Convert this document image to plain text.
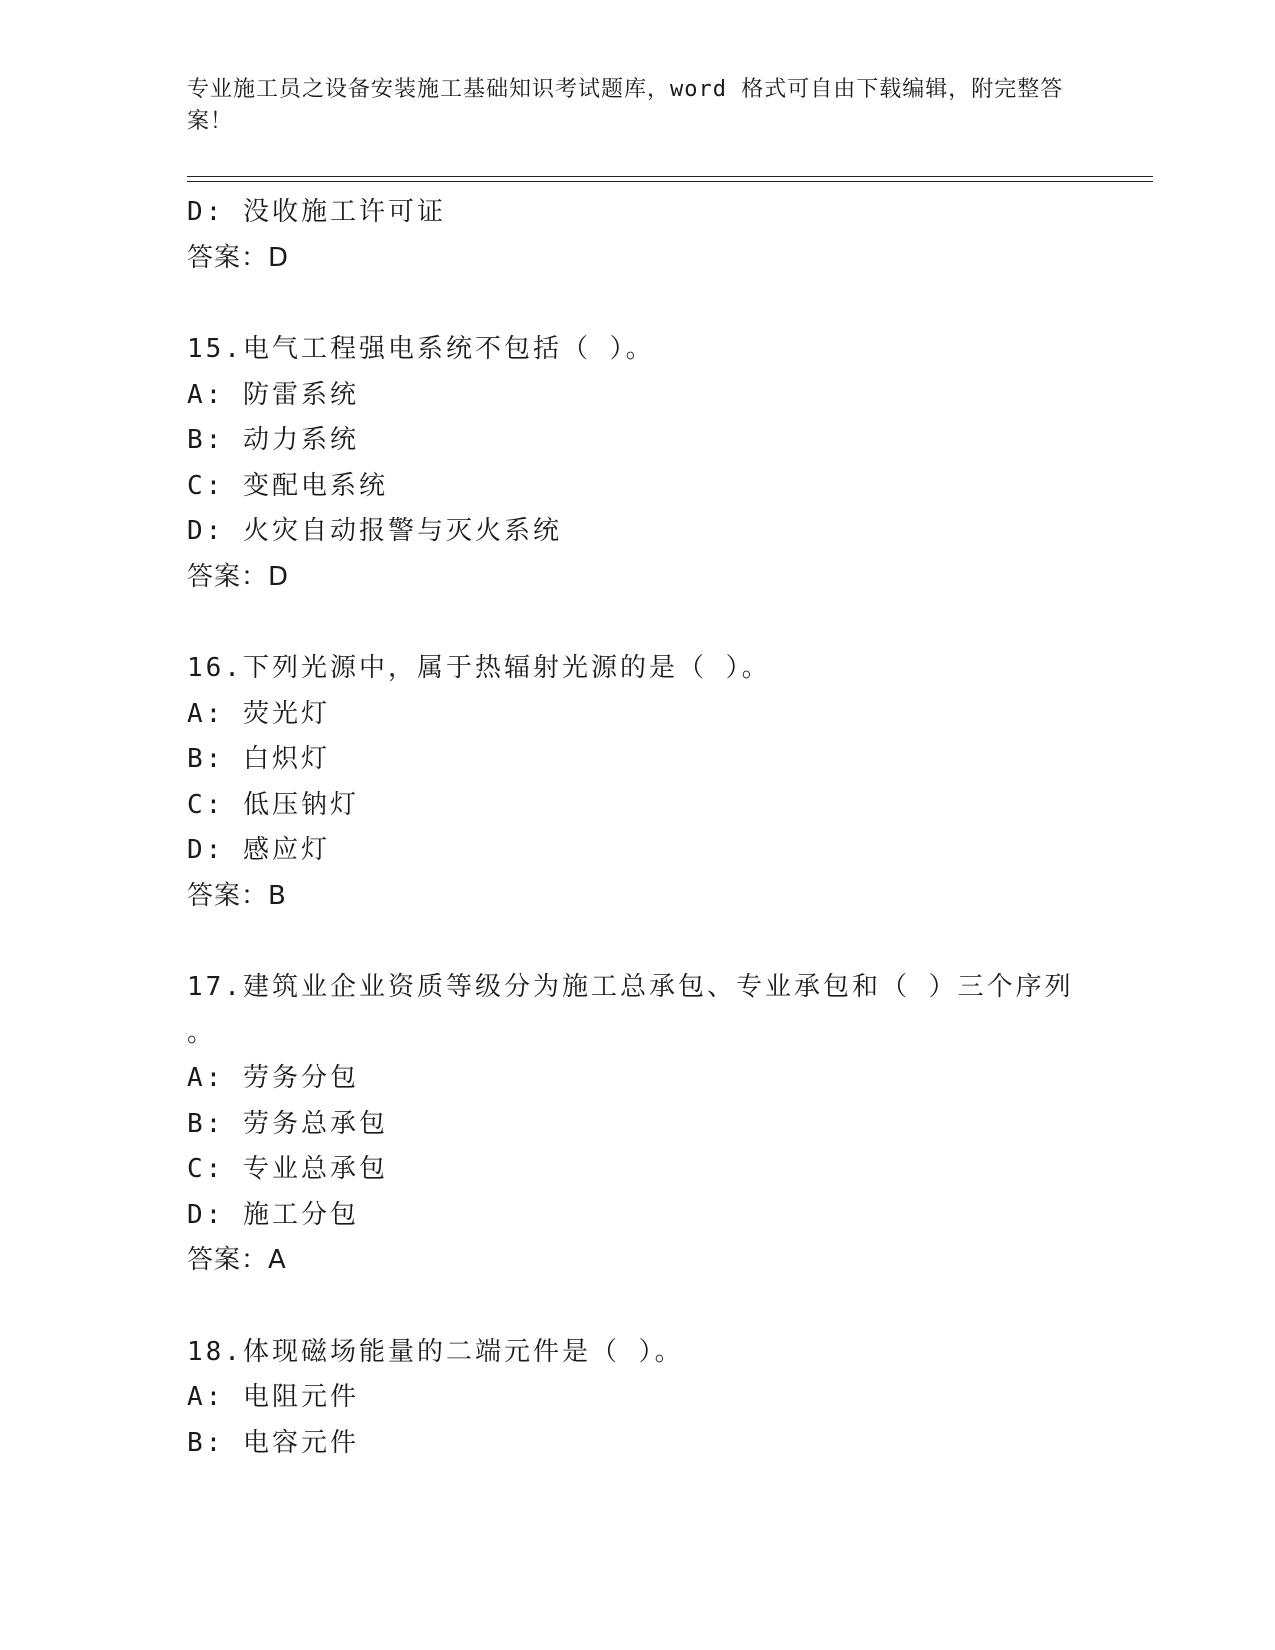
专业施工员之设备安装施工基础知识考试题库，word 格式可自由下载编辑，附完整答案！
D: 没收施工许可证
答案：D
15.电气工程强电系统不包括（ ）。
A: 防雷系统
B: 动力系统
C: 变配电系统
D: 火灾自动报警与灭火系统
答案：D
16.下列光源中，属于热辐射光源的是（ ）。
A: 荧光灯
B: 白炽灯
C: 低压钠灯
D: 感应灯
答案：B
17.建筑业企业资质等级分为施工总承包、专业承包和（ ）三个序列
。
A: 劳务分包
B: 劳务总承包
C: 专业总承包
D: 施工分包
答案：A
18.体现磁场能量的二端元件是（ ）。
A: 电阻元件
B: 电容元件
